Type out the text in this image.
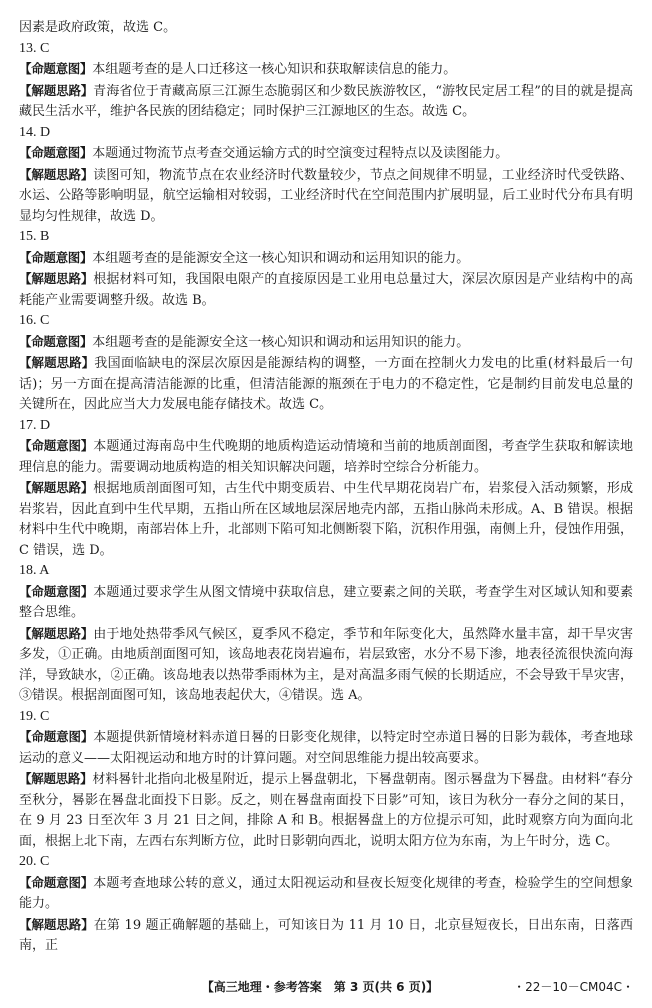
因素是政府政策，故选 C。
13. C
【命题意图】本组题考查的是人口迁移这一核心知识和获取解读信息的能力。
【解题思路】青海省位于青藏高原三江源生态脆弱区和少数民族游牧区，“游牧民定居工程”的目的就是提高藏民生活水平，维护各民族的团结稳定；同时保护三江源地区的生态。故选 C。
14. D
【命题意图】本题通过物流节点考查交通运输方式的时空演变过程特点以及读图能力。
【解题思路】读图可知，物流节点在农业经济时代数量较少，节点之间规律不明显，工业经济时代受铁路、水运、公路等影响明显，航空运输相对较弱，工业经济时代在空间范围内扩展明显，后工业时代分布具有明显均匀性规律，故选 D。
15. B
【命题意图】本组题考查的是能源安全这一核心知识和调动和运用知识的能力。
【解题思路】根据材料可知，我国限电限产的直接原因是工业用电总量过大，深层次原因是产业结构中的高耗能产业需要调整升级。故选 B。
16. C
【命题意图】本组题考查的是能源安全这一核心知识和调动和运用知识的能力。
【解题思路】我国面临缺电的深层次原因是能源结构的调整，一方面在控制火力发电的比重(材料最后一句话)；另一方面在提高清洁能源的比重，但清洁能源的瓶颈在于电力的不稳定性，它是制约目前发电总量的关键所在，因此应当大力发展电能存储技术。故选 C。
17. D
【命题意图】本题通过海南岛中生代晚期的地质构造运动情境和当前的地质剖面图，考查学生获取和解读地理信息的能力。需要调动地质构造的相关知识解决问题，培养时空综合分析能力。
【解题思路】根据地质剖面图可知，古生代中期变质岩、中生代早期花岗岩广布，岩浆侵入活动频繁，形成岩浆岩，因此直到中生代早期，五指山所在区域地层深居地壳内部，五指山脉尚未形成。A、B 错误。根据材料中生代中晚期，南部岩体上升，北部则下陷可知北侧断裂下陷，沉积作用强，南侧上升，侵蚀作用强，C 错误，选 D。
18. A
【命题意图】本题通过要求学生从图文情境中获取信息，建立要素之间的关联，考查学生对区域认知和要素整合思维。
【解题思路】由于地处热带季风气候区，夏季风不稳定，季节和年际变化大，虽然降水量丰富，却干旱灾害多发，①正确。由地质剖面图可知，该岛地表花岗岩遍布，岩层致密，水分不易下渗，地表径流很快流向海洋，导致缺水，②正确。该岛地表以热带季雨林为主，是对高温多雨气候的长期适应，不会导致干旱灾害，③错误。根据剖面图可知，该岛地表起伏大，④错误。选 A。
19. C
【命题意图】本题提供新情境材料赤道日晷的日影变化规律，以特定时空赤道日晷的日影为载体，考查地球运动的意义——太阳视运动和地方时的计算问题。对空间思维能力提出较高要求。
【解题思路】材料晷针北指向北极星附近，提示上晷盘朝北，下晷盘朝南。图示晷盘为下晷盘。由材料“春分至秋分，晷影在晷盘北面投下日影。反之，则在晷盘南面投下日影”可知，该日为秋分一春分之间的某日，在 9 月 23 日至次年 3 月 21 日之间，排除 A 和 B。根据晷盘上的方位提示可知，此时观察方向为面向北面，根据上北下南，左西右东判断方位，此时日影朝向西北，说明太阳方位为东南，为上午时分，选 C。
20. C
【命题意图】本题考查地球公转的意义，通过太阳视运动和昼夜长短变化规律的考查，检验学生的空间想象能力。
【解题思路】在第 19 题正确解题的基础上，可知该日为 11 月 10 日，北京昼短夜长，日出东南，日落西南，正
【高三地理・参考答案　第 3 页(共 6 页)】	・22－10－CM04C・
